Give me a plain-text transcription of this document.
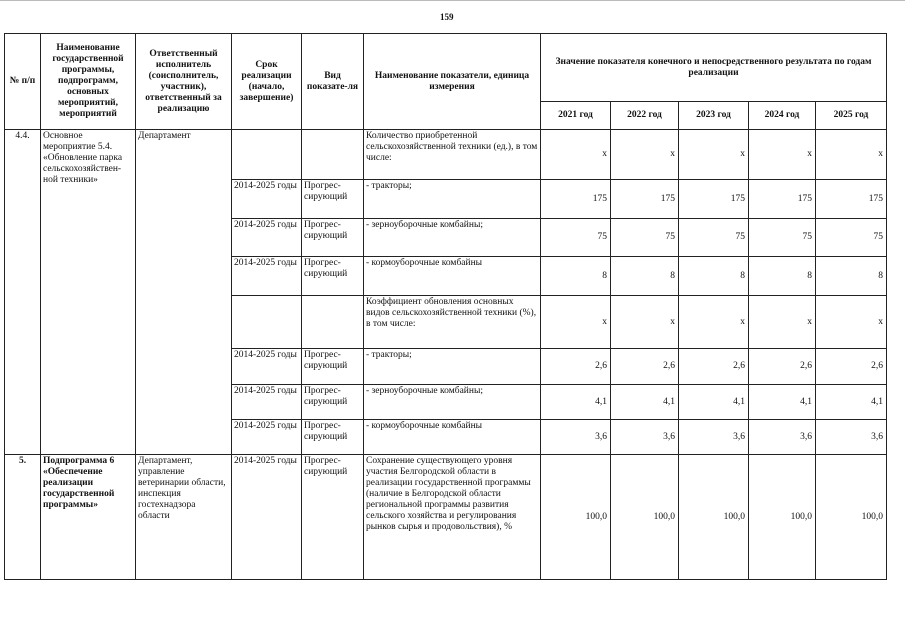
159
№ п/п	Наименование государственной программы, подпрограмм, основных мероприятий, мероприятий	Ответственный исполнитель (соисполнитель, участник), ответственный за реализацию	Срок реализации (начало, завершение)	Вид показате-ля	Наименование показатели, единица измерения	Значение показателя конечного и непосредственного результата по годам реализации				
						2021 год	2022 год	2023 год	2024 год	2025 год
4.4.	Основное мероприятие 5.4. «Обновление парка сельскохозяйствен-ной техники»	Департамент			Количество приобретенной сельскохозяйственной техники (ед.), в том числе:	x	x	x	x	x
			2014-2025 годы	Прогрес-сирующий	- тракторы;	175	175	175	175	175
			2014-2025 годы	Прогрес-сирующий	- зерноуборочные комбайны;	75	75	75	75	75
			2014-2025 годы	Прогрес-сирующий	- кормоуборочные комбайны	8	8	8	8	8
					Коэффициент обновления основных видов сельскохозяйственной техники (%), в том числе:	x	x	x	x	x
			2014-2025 годы	Прогрес-сирующий	- тракторы;	2,6	2,6	2,6	2,6	2,6
			2014-2025 годы	Прогрес-сирующий	- зерноуборочные комбайны;	4,1	4,1	4,1	4,1	4,1
			2014-2025 годы	Прогрес-сирующий	- кормоуборочные комбайны	3,6	3,6	3,6	3,6	3,6
5.	Подпрограмма 6 «Обеспечение реализации государственной программы»	Департамент, управление ветеринарии области, инспекция гостехнадзора области	2014-2025 годы	Прогрес-сирующий	Сохранение существующего уровня участия Белгородской области в реализации государственной программы (наличие в Белгородской области региональной программы развития сельского хозяйства и регулирования рынков сырья и продовольствия), %	100,0	100,0	100,0	100,0	100,0
